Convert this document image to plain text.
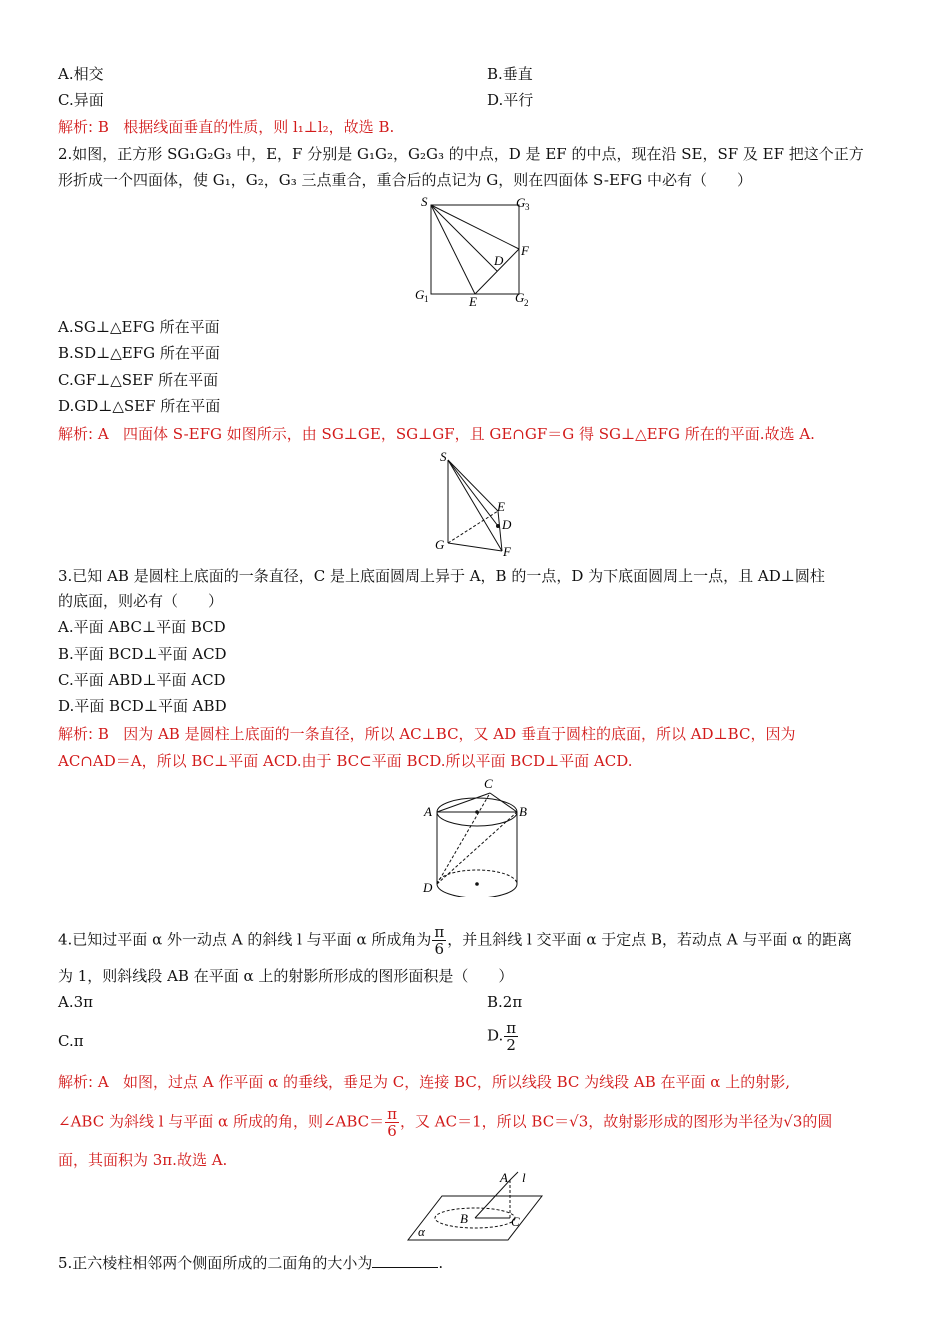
A.相交	B.垂直
C.异面	D.平行
解析: B 根据线面垂直的性质，则 l₁⊥l₂，故选 B.
2.如图，正方形 SG₁G₂G₃ 中，E，F 分别是 G₁G₂，G₂G₃ 的中点，D 是 EF 的中点，现在沿 SE，SF 及 EF 把这个正方
形折成一个四面体，使 G₁，G₂，G₃ 三点重合，重合后的点记为 G，则在四面体 S-EFG 中必有（　　）
S	G 3
F
D
G 1	E	G 2
A.SG⊥△EFG 所在平面
B.SD⊥△EFG 所在平面
C.GF⊥△SEF 所在平面
D.GD⊥△SEF 所在平面
解析: A 四面体 S-EFG 如图所示，由 SG⊥GE，SG⊥GF，且 GE∩GF＝G 得 SG⊥△EFG 所在的平面.故选 A.
S
E
D
G	F
3.已知 AB 是圆柱上底面的一条直径，C 是上底面圆周上异于 A，B 的一点，D 为下底面圆周上一点，且 AD⊥圆柱
的底面，则必有（　　）
A.平面 ABC⊥平面 BCD
B.平面 BCD⊥平面 ACD
C.平面 ABD⊥平面 ACD
D.平面 BCD⊥平面 ABD
解析: B 因为 AB 是圆柱上底面的一条直径，所以 AC⊥BC，又 AD 垂直于圆柱的底面，所以 AD⊥BC，因为
AC∩AD＝A，所以 BC⊥平面 ACD.由于 BC⊂平面 BCD.所以平面 BCD⊥平面 ACD.
C
A	B
D
4.已知过平面 α 外一动点 A 的斜线 l 与平面 α 所成角为 $\frac{\pi}{6}$ ，并且斜线 l 交平面 α 于定点 B，若动点 A 与平面 α 的距离
为 1，则斜线段 AB 在平面 α 上的射影所形成的图形面积是（　　）
A.3π	B.2π
C.π	D. $\frac{\pi}{2}$
解析: A 如图，过点 A 作平面 α 的垂线，垂足为 C，连接 BC，所以线段 BC 为线段 AB 在平面 α 上的射影,
∠ABC 为斜线 l 与平面 α 所成的角，则∠ABC＝ $\frac{\pi}{6}$ ，又 AC＝1，所以 BC＝√3，故射影形成的图形为半径为√3的圆
面，其面积为 3π.故选 A.
A l
B	C
α
5.正六棱柱相邻两个侧面所成的二面角的大小为	.
